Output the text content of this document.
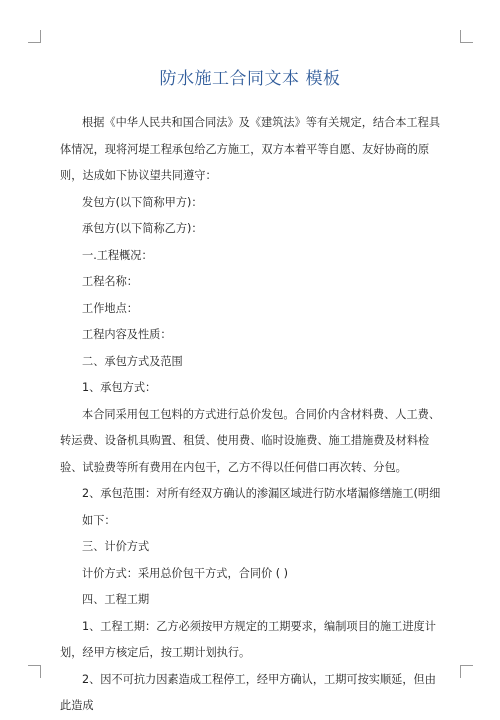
防水施工合同文本 模板

根据《中华人民共和国合同法》及《建筑法》等有关规定，结合本工程具体情况，现将河堤工程承包给乙方施工，双方本着平等自愿、友好协商的原则，达成如下协议望共同遵守：

发包方(以下简称甲方)：

承包方(以下简称乙方)：

一.工程概况：

工程名称：

工作地点：

工程内容及性质：

二、承包方式及范围

1、承包方式：

本合同采用包工包料的方式进行总价发包。合同价内含材料费、人工费、转运费、设备机具购置、租赁、使用费、临时设施费、施工措施费及材料检验、试验费等所有费用在内包干，乙方不得以任何借口再次转、分包。

2、承包范围：对所有经双方确认的渗漏区域进行防水堵漏修缮施工(明细如下：

三、计价方式

计价方式：采用总价包干方式，合同价 ( )

四、工程工期

1、工程工期：乙方必须按甲方规定的工期要求，编制项目的施工进度计划，经甲方核定后，按工期计划执行。

2、因不可抗力因素造成工程停工，经甲方确认，工期可按实顺延，但由此造成
